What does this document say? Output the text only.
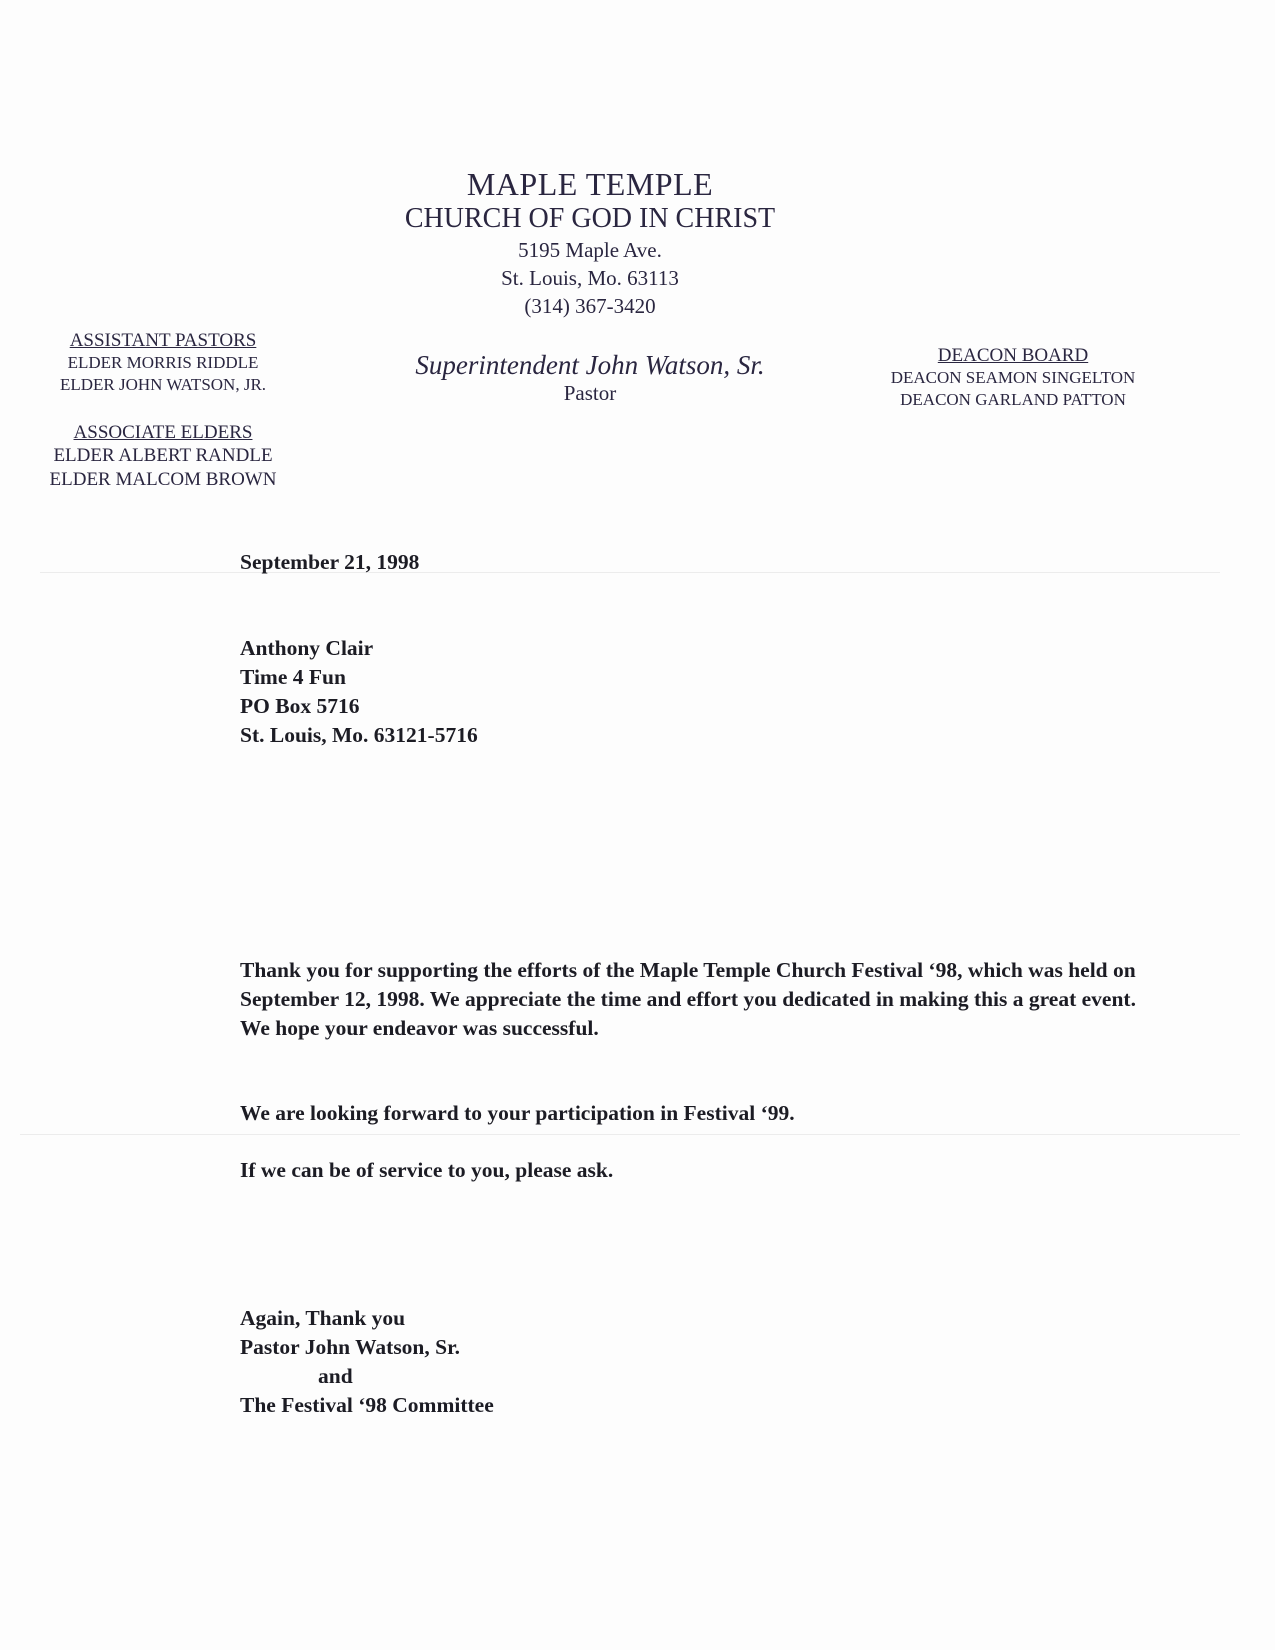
MAPLE TEMPLE
CHURCH OF GOD IN CHRIST
5195 Maple Ave.
St. Louis, Mo. 63113
(314) 367-3420
Superintendent John Watson, Sr.
Pastor
ASSISTANT PASTORS
ELDER MORRIS RIDDLE
ELDER JOHN WATSON, JR.
ASSOCIATE ELDERS
ELDER ALBERT RANDLE
ELDER MALCOM BROWN
DEACON BOARD
DEACON SEAMON SINGELTON
DEACON GARLAND PATTON
September 21, 1998
Anthony Clair
Time 4 Fun
PO Box 5716
St. Louis, Mo. 63121-5716
Thank you for supporting the efforts of the Maple Temple Church Festival ‘98, which was held on September 12, 1998. We appreciate the time and effort you dedicated in making this a great event. We hope your endeavor was successful.
We are looking forward to your participation in Festival ‘99.
If we can be of service to you, please ask.
Again, Thank you
Pastor John Watson, Sr.
and
The Festival ‘98 Committee
